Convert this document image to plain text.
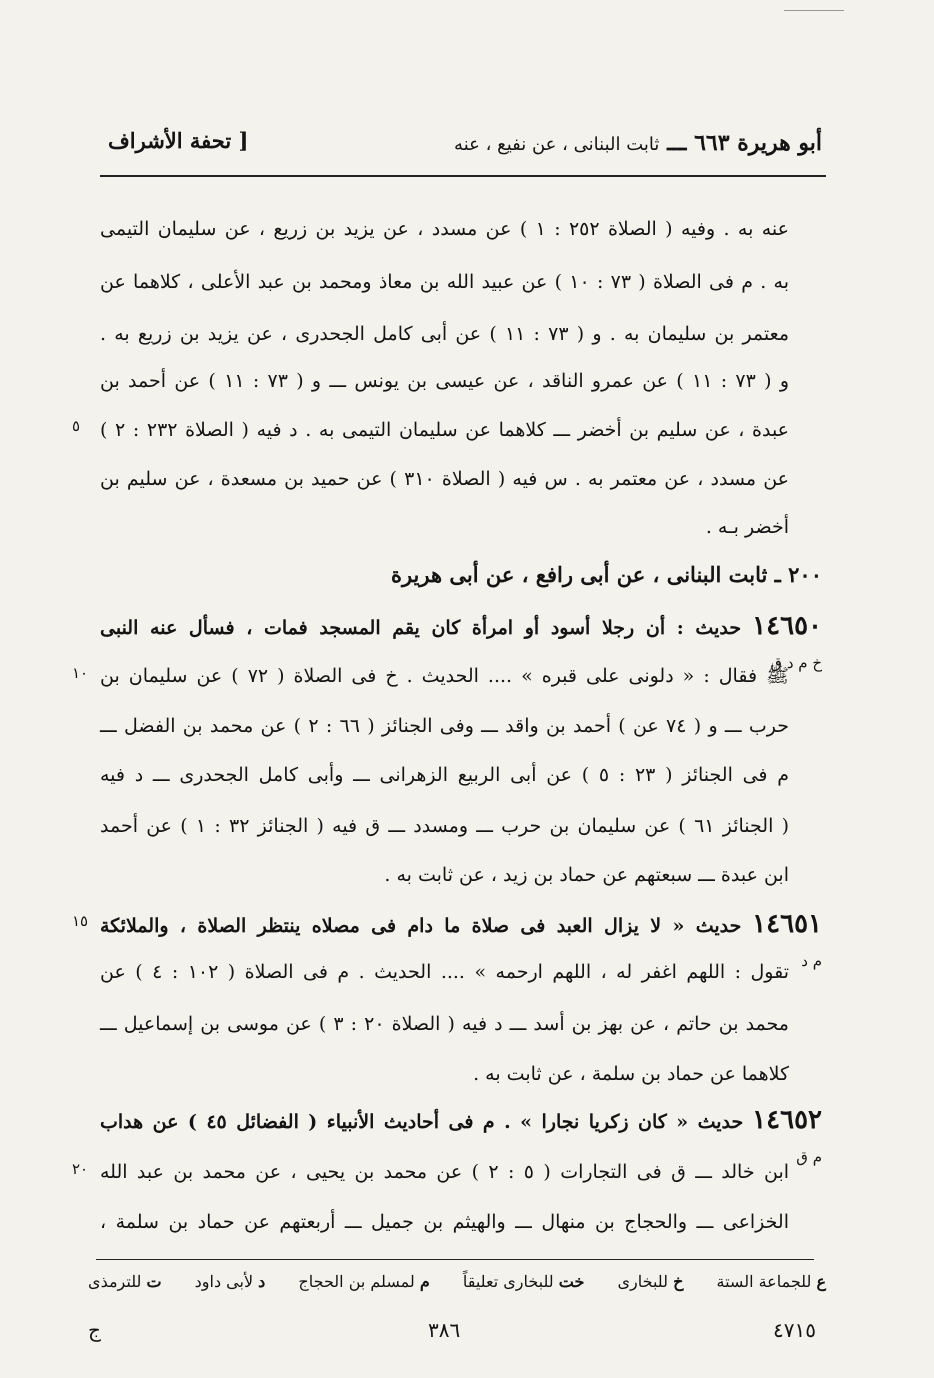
أبو هريرة ٦٦٣ ـــ ثابت البنانى ، عن نفيع ، عنه
[ تحفة الأشراف
عنه به . وفيه ( الصلاة ٢٥٢ : ١ ) عن مسدد ، عن يزيد بن زريع ، عن سليمان التيمى
به . م فى الصلاة ( ٧٣ : ١٠ ) عن عبيد الله بن معاذ ومحمد بن عبد الأعلى ، كلاهما عن
معتمر بن سليمان به . و ( ٧٣ : ١١ ) عن أبى كامل الجحدرى ، عن يزيد بن زريع به .
و ( ٧٣ : ١١ ) عن عمرو الناقد ، عن عيسى بن يونس ـــ و ( ٧٣ : ١١ ) عن أحمد بن
عبدة ، عن سليم بن أخضر ـــ كلاهما عن سليمان التيمى به . د فيه ( الصلاة ٢٣٢ : ٢ )
عن مسدد ، عن معتمر به . س فيه ( الصلاة ٣١٠ ) عن حميد بن مسعدة ، عن سليم بن
أخضر بـه .
٥
٢٠٠ ـ ثابت البنانى ، عن أبى رافع ، عن أبى هريرة
١٤٦٥٠ حديث : أن رجلا أسود أو امرأة كان يقم المسجد فمات ، فسأل عنه النبى
خ م د ق
ﷺ فقال : « دلونى على قبره » .... الحديث . خ فى الصلاة ( ٧٢ ) عن سليمان بن
حرب ـــ و ( ٧٤ عن ) أحمد بن واقد ـــ وفى الجنائز ( ٦٦ : ٢ ) عن محمد بن الفضل ـــ
م فى الجنائز ( ٢٣ : ٥ ) عن أبى الربيع الزهرانى ـــ وأبى كامل الجحدرى ـــ د فيه
( الجنائز ٦١ ) عن سليمان بن حرب ـــ ومسدد ـــ ق فيه ( الجنائز ٣٢ : ١ ) عن أحمد
ابن عبدة ـــ سبعتهم عن حماد بن زيد ، عن ثابت به .
١٠
١٤٦٥١ حديث « لا يزال العبد فى صلاة ما دام فى مصلاه ينتظر الصلاة ، والملائكة
م د
تقول : اللهم اغفر له ، اللهم ارحمه » .... الحديث . م فى الصلاة ( ١٠٢ : ٤ ) عن
محمد بن حاتم ، عن بهز بن أسد ـــ د فيه ( الصلاة ٢٠ : ٣ ) عن موسى بن إسماعيل ـــ
كلاهما عن حماد بن سلمة ، عن ثابت به .
١٥
١٤٦٥٢ حديث « كان زكريا نجارا » . م فى أحاديث الأنبياء ( الفضائل ٤٥ ) عن هداب
م ق
ابن خالد ـــ ق فى التجارات ( ٥ : ٢ ) عن محمد بن يحيى ، عن محمد بن عبد الله
الخزاعى ـــ والحجاج بن منهال ـــ والهيثم بن جميل ـــ أربعتهم عن حماد بن سلمة ،
٢٠
ع للجماعة الستة
خ للبخارى
خت للبخارى تعليقاً
م لمسلم بن الحجاج
د لأبى داود
ت للترمذى
٤٧١٥
٣٨٦
ج
